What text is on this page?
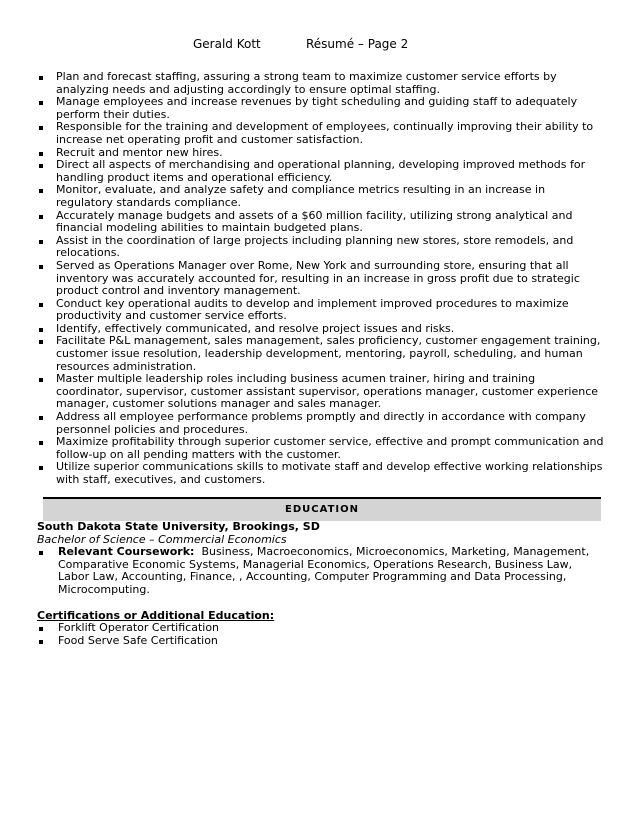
Gerald Kott	Résumé – Page 2
Plan and forecast staffing, assuring a strong team to maximize customer service efforts by analyzing needs and adjusting accordingly to ensure optimal staffing.
Manage employees and increase revenues by tight scheduling and guiding staff to adequately perform their duties.
Responsible for the training and development of employees, continually improving their ability to increase net operating profit and customer satisfaction.
Recruit and mentor new hires.
Direct all aspects of merchandising and operational planning, developing improved methods for handling product items and operational efficiency.
Monitor, evaluate, and analyze safety and compliance metrics resulting in an increase in regulatory standards compliance.
Accurately manage budgets and assets of a $60 million facility, utilizing strong analytical and financial modeling abilities to maintain budgeted plans.
Assist in the coordination of large projects including planning new stores, store remodels, and relocations.
Served as Operations Manager over Rome, New York and surrounding store, ensuring that all inventory was accurately accounted for, resulting in an increase in gross profit due to strategic product control and inventory management.
Conduct key operational audits to develop and implement improved procedures to maximize productivity and customer service efforts.
Identify, effectively communicated, and resolve project issues and risks.
Facilitate P&L management, sales management, sales proficiency, customer engagement training, customer issue resolution, leadership development, mentoring, payroll, scheduling, and human resources administration.
Master multiple leadership roles including business acumen trainer, hiring and training coordinator, supervisor, customer assistant supervisor, operations manager, customer experience manager, customer solutions manager and sales manager.
Address all employee performance problems promptly and directly in accordance with company personnel policies and procedures.
Maximize profitability through superior customer service, effective and prompt communication and follow-up on all pending matters with the customer.
Utilize superior communications skills to motivate staff and develop effective working relationships with staff, executives, and customers.
EDUCATION
South Dakota State University, Brookings, SD
Bachelor of Science – Commercial Economics
Relevant Coursework: Business, Macroeconomics, Microeconomics, Marketing, Management, Comparative Economic Systems, Managerial Economics, Operations Research, Business Law, Labor Law, Accounting, Finance, , Accounting, Computer Programming and Data Processing, Microcomputing.
Certifications or Additional Education:
Forklift Operator Certification
Food Serve Safe Certification
